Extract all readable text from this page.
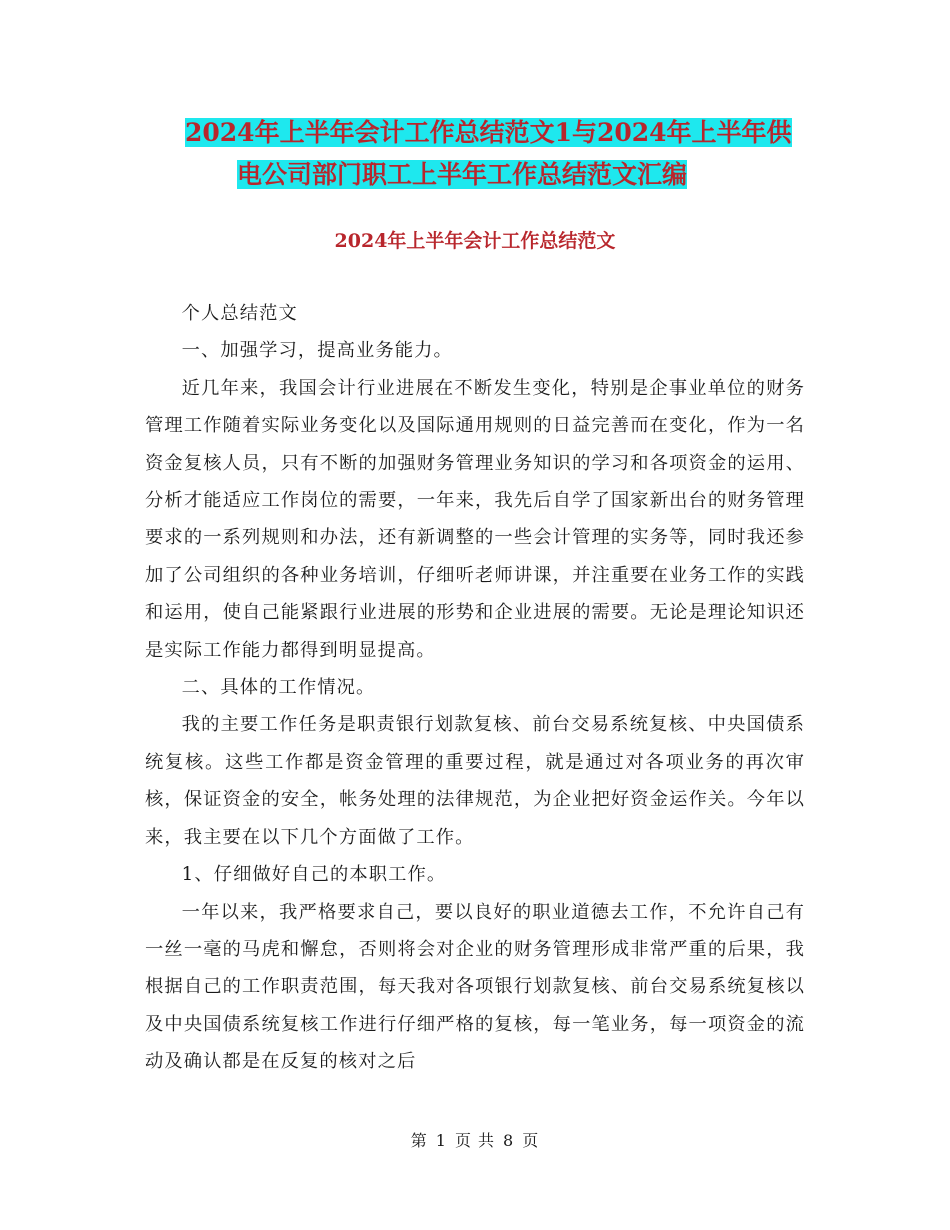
2024年上半年会计工作总结范文1与2024年上半年供

电公司部门职工上半年工作总结范文汇编
2024年上半年会计工作总结范文

个人总结范文

一、加强学习，提高业务能力。

近几年来，我国会计行业进展在不断发生变化，特别是企事业单位的财务管理工作随着实际业务变化以及国际通用规则的日益完善而在变化，作为一名资金复核人员，只有不断的加强财务管理业务知识的学习和各项资金的运用、分析才能适应工作岗位的需要，一年来，我先后自学了国家新出台的财务管理要求的一系列规则和办法，还有新调整的一些会计管理的实务等，同时我还参加了公司组织的各种业务培训，仔细听老师讲课，并注重要在业务工作的实践和运用，使自己能紧跟行业进展的形势和企业进展的需要。无论是理论知识还是实际工作能力都得到明显提高。

二、具体的工作情况。

我的主要工作任务是职责银行划款复核、前台交易系统复核、中央国债系统复核。这些工作都是资金管理的重要过程，就是通过对各项业务的再次审核，保证资金的安全，帐务处理的法律规范，为企业把好资金运作关。今年以来，我主要在以下几个方面做了工作。

1、仔细做好自己的本职工作。

一年以来，我严格要求自己，要以良好的职业道德去工作，不允许自己有一丝一毫的马虎和懈怠，否则将会对企业的财务管理形成非常严重的后果，我根据自己的工作职责范围，每天我对各项银行划款复核、前台交易系统复核以及中央国债系统复核工作进行仔细严格的复核，每一笔业务，每一项资金的流动及确认都是在反复的核对之后

第 1 页 共 8 页
